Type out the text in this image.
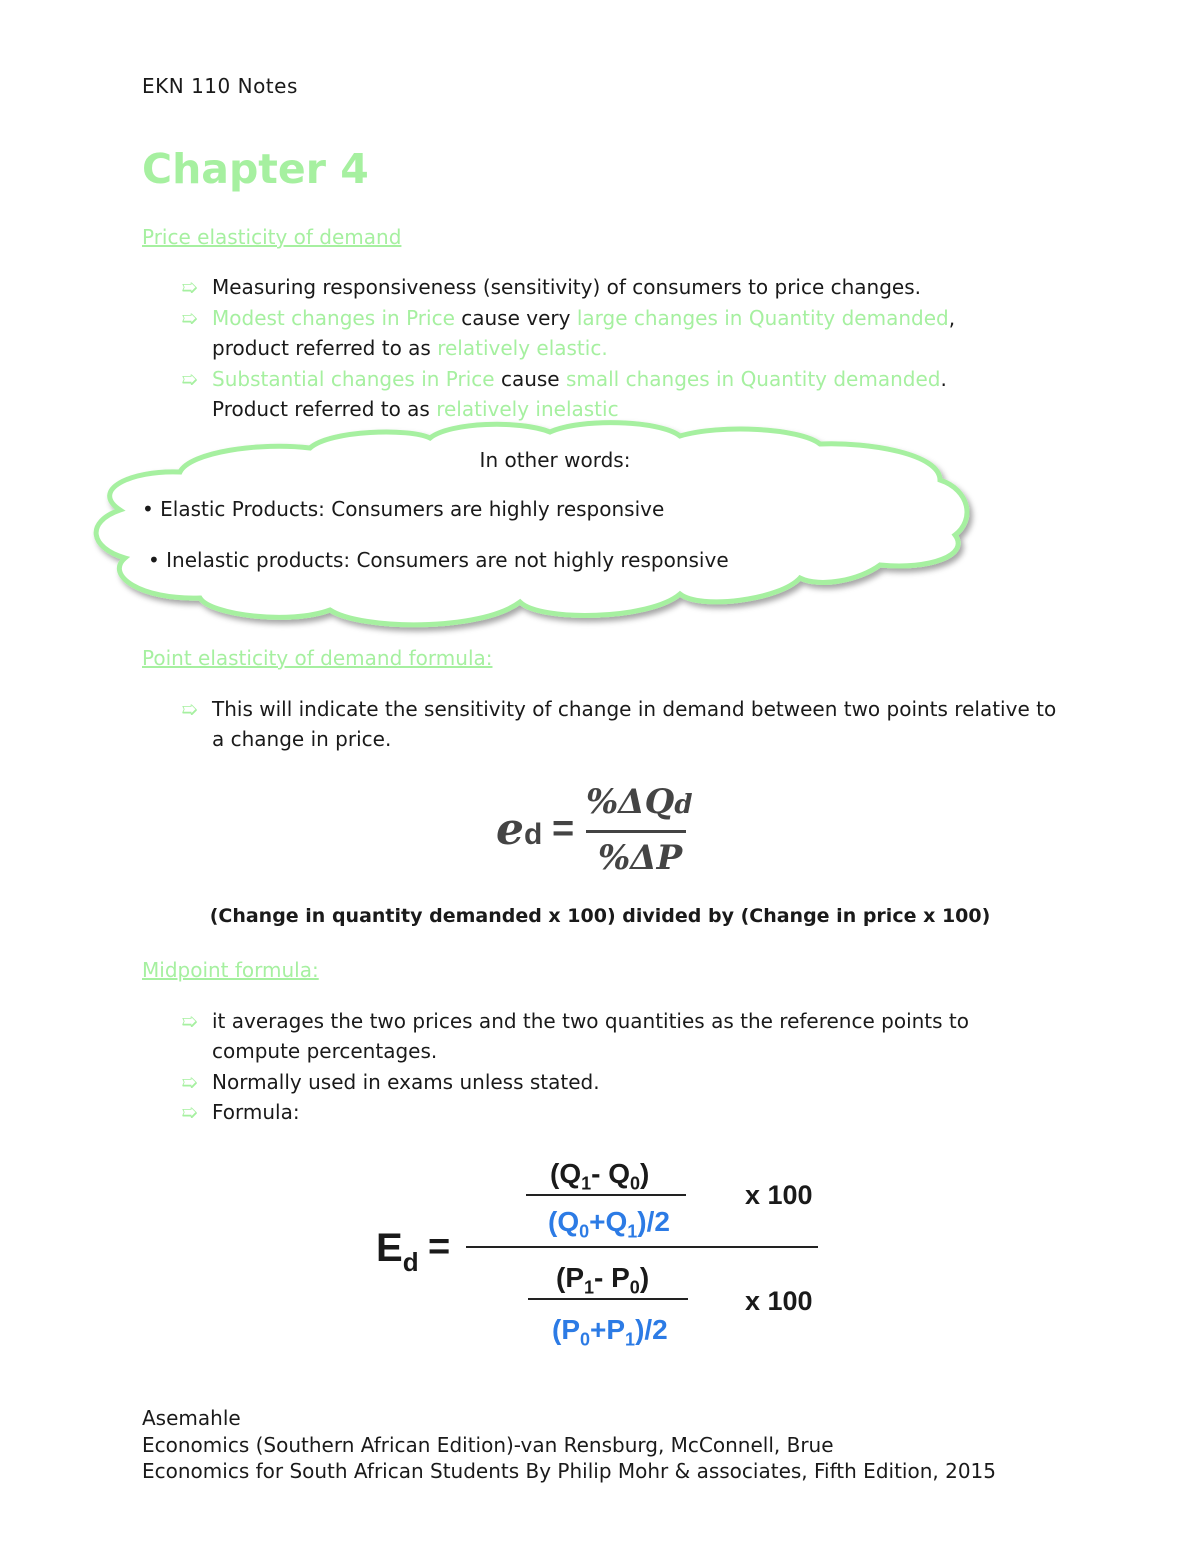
EKN 110 Notes
Chapter 4
Price elasticity of demand
➯ Measuring responsiveness (sensitivity) of consumers to price changes.
➯ Modest changes in Price cause very large changes in Quantity demanded,
product referred to as relatively elastic.
➯ Substantial changes in Price cause small changes in Quantity demanded.
Product referred to as relatively inelastic
In other words:
• Elastic Products: Consumers are highly responsive
• Inelastic products: Consumers are not highly responsive
Point elasticity of demand formula:
➯ This will indicate the sensitivity of change in demand between two points relative to a change in price.
ed =
%ΔQd
%ΔP
(Change in quantity demanded x 100) divided by (Change in price x 100)
Midpoint formula:
➯ it averages the two prices and the two quantities as the reference points to compute percentages.
➯ Normally used in exams unless stated.
➯ Formula:
$E_d$ =
($Q_1-$ $Q_0$)
$(Q_0+Q_1)/2$
x 100
($P_1-$ $P_0$)
$(P_0+P_1)/2$
x 100
Asemahle
Economics (Southern African Edition)-van Rensburg, McConnell, Brue
Economics for South African Students By Philip Mohr & associates, Fifth Edition, 2015
